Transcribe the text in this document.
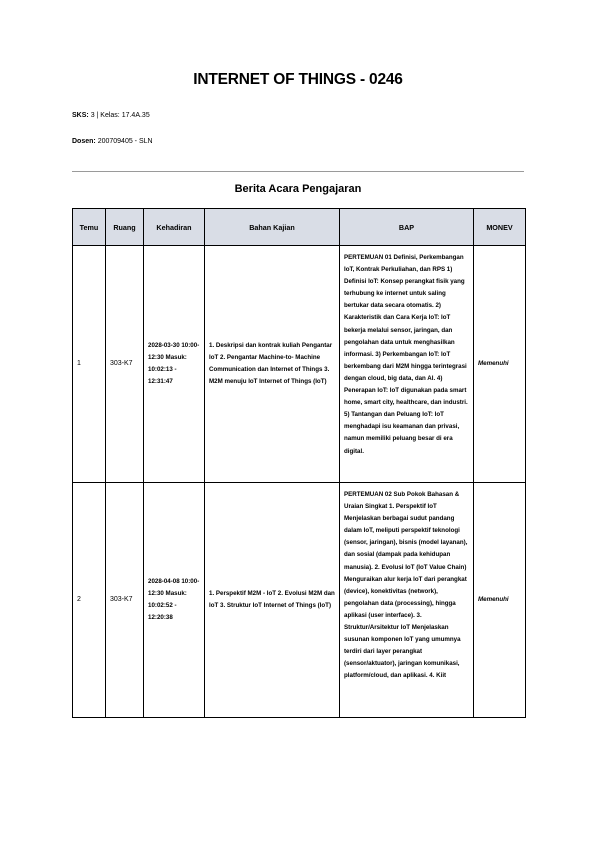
INTERNET OF THINGS - 0246
SKS: 3 | Kelas: 17.4A.35
Dosen: 200709405 - SLN
Berita Acara Pengajaran
Temu	Ruang	Kehadiran	Bahan Kajian	BAP	MONEV
1	303-K7	2028-03-30 10:00-12:30 Masuk: 10:02:13 - 12:31:47	1. Deskripsi dan kontrak kuliah Pengantar IoT 2. Pengantar Machine-to- Machine Communication dan Internet of Things 3. M2M menuju IoT Internet of Things (IoT)	PERTEMUAN 01 Definisi, Perkembangan IoT, Kontrak Perkuliahan, dan RPS 1) Definisi IoT: Konsep perangkat fisik yang terhubung ke internet untuk saling bertukar data secara otomatis. 2) Karakteristik dan Cara Kerja IoT: IoT bekerja melalui sensor, jaringan, dan pengolahan data untuk menghasilkan informasi. 3) Perkembangan IoT: IoT berkembang dari M2M hingga terintegrasi dengan cloud, big data, dan AI. 4) Penerapan IoT: IoT digunakan pada smart home, smart city, healthcare, dan industri. 5) Tantangan dan Peluang IoT: IoT menghadapi isu keamanan dan privasi, namun memiliki peluang besar di era digital.	Memenuhi
2	303-K7	2028-04-08 10:00-12:30 Masuk: 10:02:52 - 12:20:38	1. Perspektif M2M - IoT 2. Evolusi M2M dan IoT 3. Struktur IoT Internet of Things (IoT)	PERTEMUAN 02 Sub Pokok Bahasan & Uraian Singkat 1. Perspektif IoT Menjelaskan berbagai sudut pandang dalam IoT, meliputi perspektif teknologi (sensor, jaringan), bisnis (model layanan), dan sosial (dampak pada kehidupan manusia). 2. Evolusi IoT (IoT Value Chain) Menguraikan alur kerja IoT dari perangkat (device), konektivitas (network), pengolahan data (processing), hingga aplikasi (user interface). 3. Struktur/Arsitektur IoT Menjelaskan susunan komponen IoT yang umumnya terdiri dari layer perangkat (sensor/aktuator), jaringan komunikasi, platform/cloud, dan aplikasi. 4. Kiit	Memenuhi
